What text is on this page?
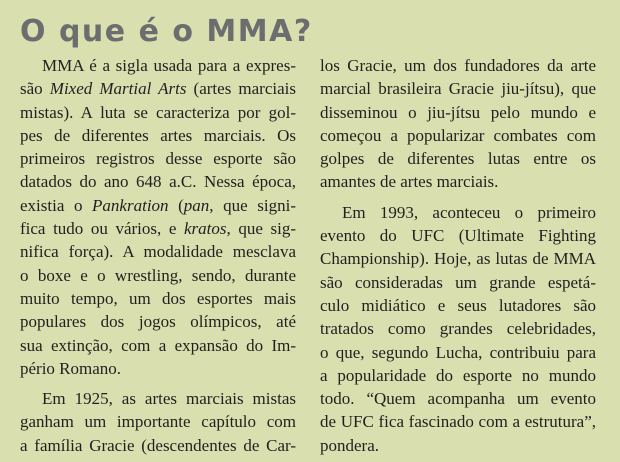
O que é o MMA?
MMA é a sigla usada para a expres-
são Mixed Martial Arts (artes marciais
mistas). A luta se caracteriza por gol-
pes de diferentes artes marciais. Os
primeiros registros desse esporte são
datados do ano 648 a.C. Nessa época,
existia o Pankration (pan, que signi-
fica tudo ou vários, e kratos, que sig-
nifica força). A modalidade mesclava
o boxe e o wrestling, sendo, durante
muito tempo, um dos esportes mais
populares dos jogos olímpicos, até
sua extinção, com a expansão do Im-
pério Romano.
Em 1925, as artes marciais mistas
ganham um importante capítulo com
a família Gracie (descendentes de Car-
los Gracie, um dos fundadores da arte
marcial brasileira Gracie jiu-jítsu), que
disseminou o jiu-jítsu pelo mundo e
começou a popularizar combates com
golpes de diferentes lutas entre os
amantes de artes marciais.
Em 1993, aconteceu o primeiro
evento do UFC (Ultimate Fighting
Championship). Hoje, as lutas de MMA
são consideradas um grande espetá-
culo midiático e seus lutadores são
tratados como grandes celebridades,
o que, segundo Lucha, contribuiu para
a popularidade do esporte no mundo
todo. “Quem acompanha um evento
de UFC fica fascinado com a estrutura”,
pondera.
